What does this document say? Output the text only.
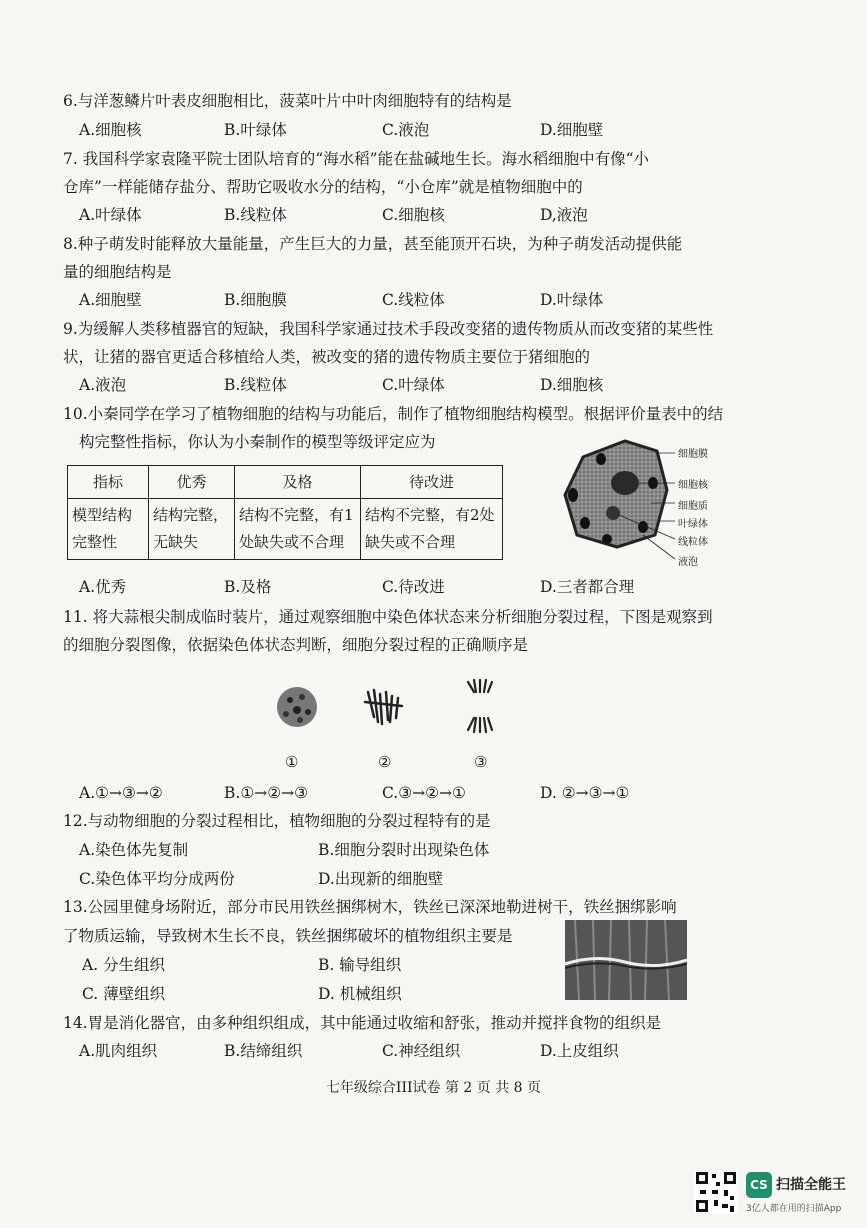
6.与洋葱鳞片叶表皮细胞相比，菠菜叶片中叶肉细胞特有的结构是
A.细胞核	B.叶绿体	C.液泡	D.细胞壁
7. 我国科学家袁隆平院士团队培育的“海水稻”能在盐碱地生长。海水稻细胞中有像“小
仓库”一样能储存盐分、帮助它吸收水分的结构，“小仓库”就是植物细胞中的
A.叶绿体	B.线粒体	C.细胞核	D,液泡
8.种子萌发时能释放大量能量，产生巨大的力量，甚至能顶开石块，为种子萌发活动提供能
量的细胞结构是
A.细胞壁	B.细胞膜	C.线粒体	D.叶绿体
9.为缓解人类移植器官的短缺，我国科学家通过技术手段改变猪的遗传物质从而改变猪的某些性
状，让猪的器官更适合移植给人类，被改变的猪的遗传物质主要位于猪细胞的
A.液泡	B.线粒体	C.叶绿体	D.细胞核
10.小秦同学在学习了植物细胞的结构与功能后，制作了植物细胞结构模型。根据评价量表中的结
构完整性指标，你认为小秦制作的模型等级评定应为
指标	优秀	及格	待改进
模型结构完整性	结构完整，无缺失	结构不完整，有1处缺失或不合理	结构不完整，有2处缺失或不合理
细胞膜
细胞核
细胞质
叶绿体
线粒体
液泡
A.优秀	B.及格	C.待改进	D.三者都合理
11. 将大蒜根尖制成临时装片，通过观察细胞中染色体状态来分析细胞分裂过程，下图是观察到
的细胞分裂图像，依据染色体状态判断，细胞分裂过程的正确顺序是
①	②	③
A.①→③→②	B.①→②→③	C.③→②→①	D. ②→③→①
12.与动物细胞的分裂过程相比，植物细胞的分裂过程特有的是
A.染色体先复制	B.细胞分裂时出现染色体
C.染色体平均分成两份	D.出现新的细胞壁
13.公园里健身场附近，部分市民用铁丝捆绑树木，铁丝已深深地勒进树干，铁丝捆绑影响
了物质运输，导致树木生长不良，铁丝捆绑破坏的植物组织主要是
A. 分生组织	B. 输导组织
C. 薄壁组织	D. 机械组织
14.胃是消化器官，由多种组织组成，其中能通过收缩和舒张，推动并搅拌食物的组织是
A.肌肉组织	B.结缔组织	C.神经组织	D.上皮组织
七年级综合III试卷 第 2 页 共 8 页
CS 扫描全能王
3亿人都在用的扫描App
